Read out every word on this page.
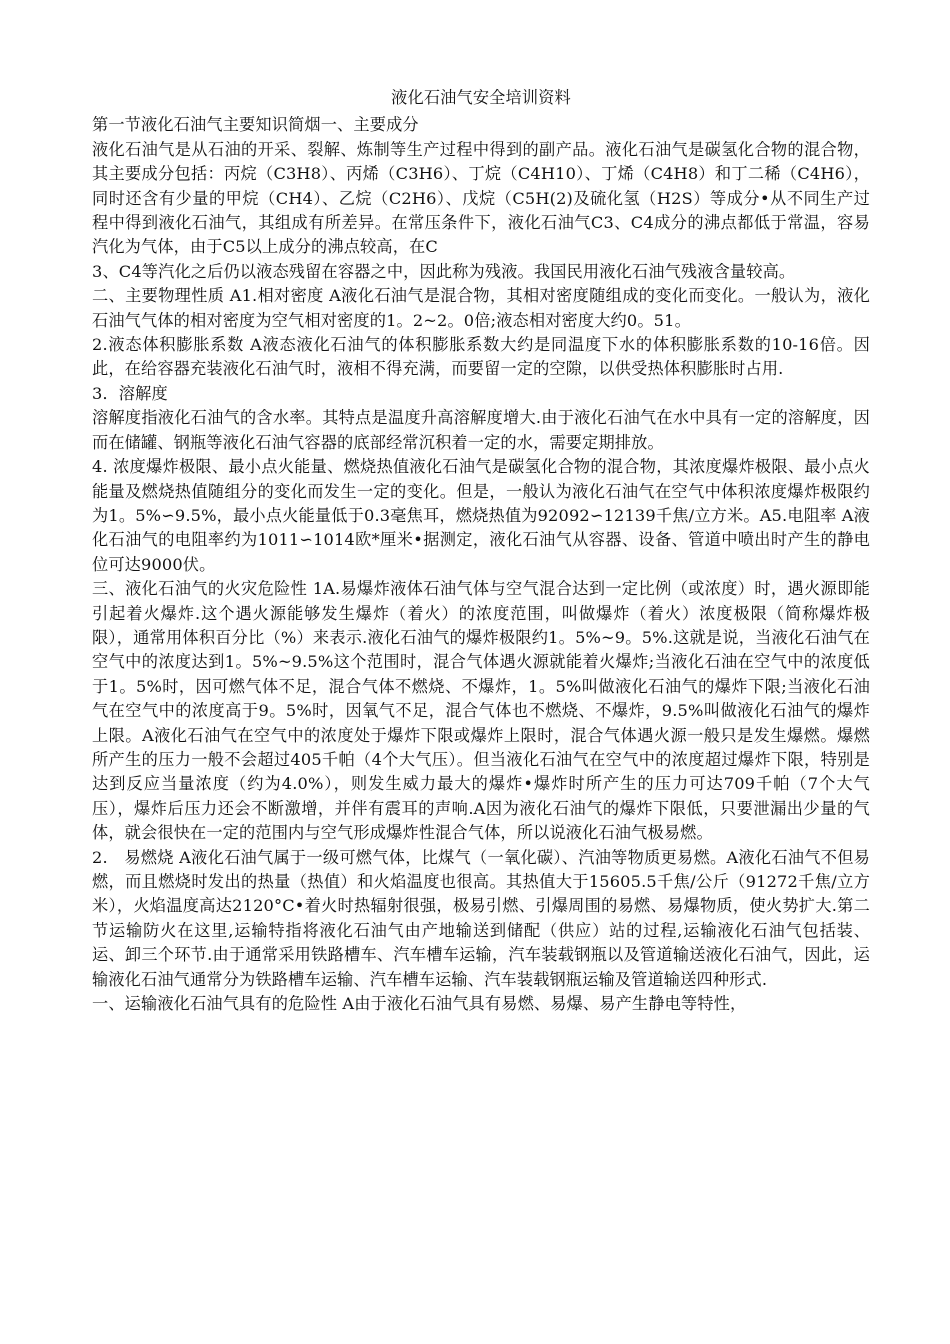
液化石油气安全培训资料

第一节液化石油气主要知识简烟一、主要成分

液化石油气是从石油的开采、裂解、炼制等生产过程中得到的副产品。液化石油气是碳氢化合物的混合物，其主要成分包括：丙烷（C3H8）、丙烯（C3H6）、丁烷（C4H10）、丁烯（C4H8）和丁二稀（C4H6），同时还含有少量的甲烷（CH4）、乙烷（C2H6）、戊烷（C5H(2)及硫化氢（H2S）等成分•从不同生产过程中得到液化石油气，其组成有所差异。在常压条件下，液化石油气C3、C4成分的沸点都低于常温，容易汽化为气体，由于C5以上成分的沸点较高，在C

3、C4等汽化之后仍以液态残留在容器之中，因此称为残液。我国民用液化石油气残液含量较高。

二、主要物理性质 A1.相对密度 A液化石油气是混合物，其相对密度随组成的变化而变化。一般认为，液化石油气气体的相对密度为空气相对密度的1。2~2。0倍;液态相对密度大约0。51。

2.液态体积膨胀系数 A液态液化石油气的体积膨胀系数大约是同温度下水的体积膨胀系数的10-16倍。因此，在给容器充装液化石油气时，液相不得充满，而要留一定的空隙，以供受热体积膨胀时占用.

3．溶解度

溶解度指液化石油气的含水率。其特点是温度升高溶解度增大.由于液化石油气在水中具有一定的溶解度，因而在储罐、钢瓶等液化石油气容器的底部经常沉积着一定的水，需要定期排放。

4. 浓度爆炸极限、最小点火能量、燃烧热值液化石油气是碳氢化合物的混合物，其浓度爆炸极限、最小点火能量及燃烧热值随组分的变化而发生一定的变化。但是，一般认为液化石油气在空气中体积浓度爆炸极限约为1。5%∽9.5%，最小点火能量低于0.3毫焦耳，燃烧热值为92092∽12139千焦/立方米。A5.电阻率 A液化石油气的电阻率约为1011∽1014欧*厘米•据测定，液化石油气从容器、设备、管道中喷出时产生的静电位可达9000伏。

三、液化石油气的火灾危险性 1A.易爆炸液体石油气体与空气混合达到一定比例（或浓度）时，遇火源即能引起着火爆炸.这个遇火源能够发生爆炸（着火）的浓度范围，叫做爆炸（着火）浓度极限（简称爆炸极限），通常用体积百分比（%）来表示.液化石油气的爆炸极限约1。5%~9。5%.这就是说，当液化石油气在空气中的浓度达到1。5%~9.5%这个范围时，混合气体遇火源就能着火爆炸;当液化石油在空气中的浓度低于1。5%时，因可燃气体不足，混合气体不燃烧、不爆炸，1。5%叫做液化石油气的爆炸下限;当液化石油气在空气中的浓度高于9。5%时，因氧气不足，混合气体也不燃烧、不爆炸，9.5%叫做液化石油气的爆炸上限。A液化石油气在空气中的浓度处于爆炸下限或爆炸上限时，混合气体遇火源一般只是发生爆燃。爆燃所产生的压力一般不会超过405千帕（4个大气压）。但当液化石油气在空气中的浓度超过爆炸下限，特别是达到反应当量浓度（约为4.0%），则发生威力最大的爆炸•爆炸时所产生的压力可达709千帕（7个大气压），爆炸后压力还会不断激增，并伴有震耳的声响.A因为液化石油气的爆炸下限低，只要泄漏出少量的气体，就会很快在一定的范围内与空气形成爆炸性混合气体，所以说液化石油气极易燃。

2.　易燃烧 A液化石油气属于一级可燃气体，比煤气（一氧化碳）、汽油等物质更易燃。A液化石油气不但易燃，而且燃烧时发出的热量（热值）和火焰温度也很高。其热值大于15605.5千焦/公斤（91272千焦/立方米），火焰温度高达2120°C•着火时热辐射很强，极易引燃、引爆周围的易燃、易爆物质，使火势扩大.第二节运输防火在这里,运输特指将液化石油气由产地输送到储配（供应）站的过程,运输液化石油气包括装、运、卸三个环节.由于通常采用铁路槽车、汽车槽车运输，汽车装载钢瓶以及管道输送液化石油气，因此，运输液化石油气通常分为铁路槽车运输、汽车槽车运输、汽车装载钢瓶运输及管道输送四种形式.

一、运输液化石油气具有的危险性 A由于液化石油气具有易燃、易爆、易产生静电等特性，
